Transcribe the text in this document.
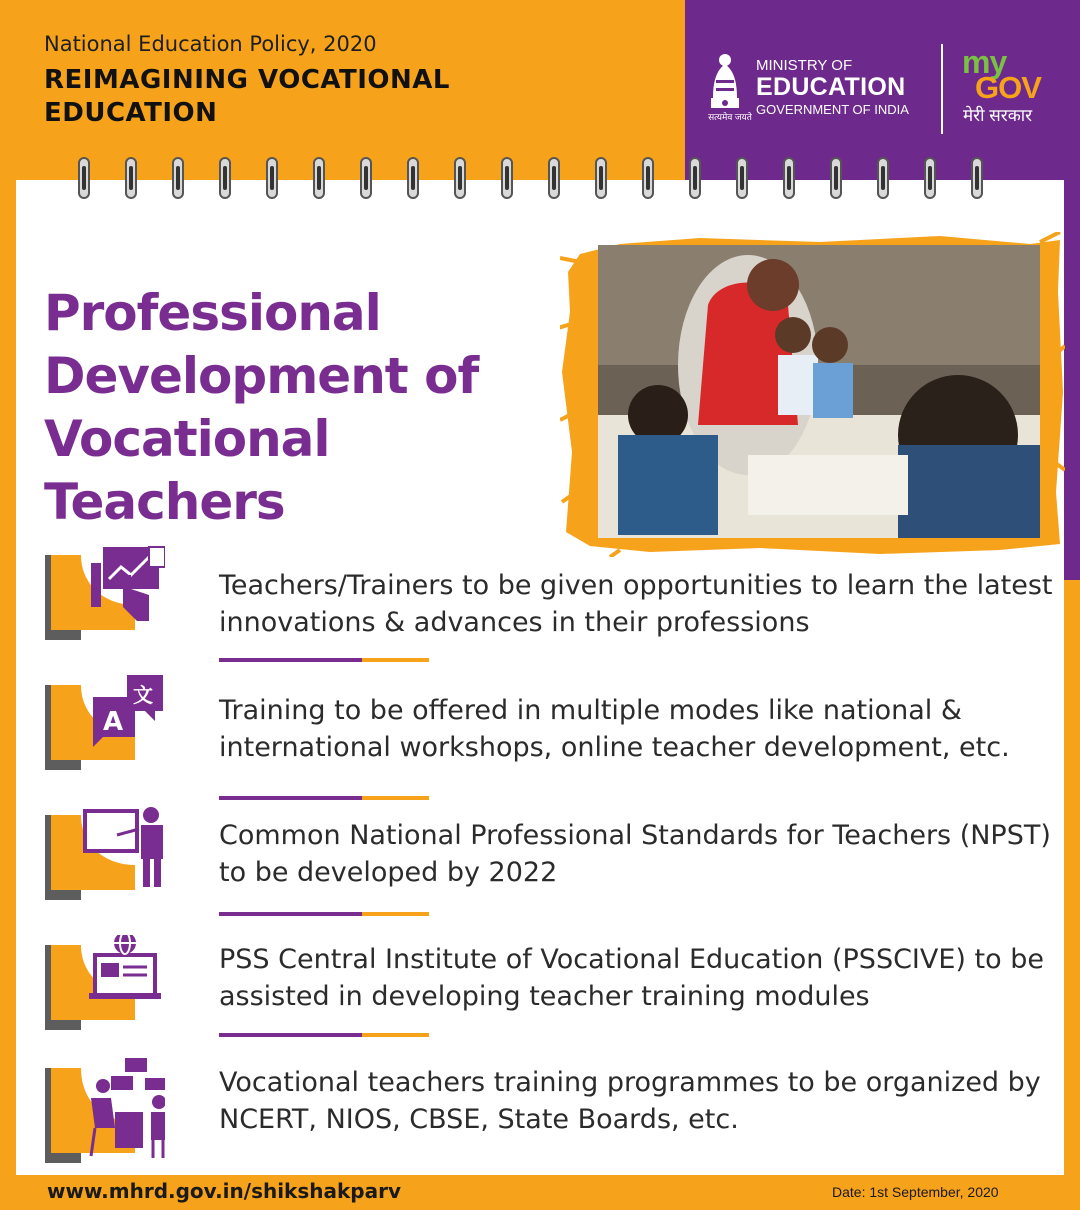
National Education Policy, 2020
REIMAGINING VOCATIONAL EDUCATION	सत्यमेव जयते
MINISTRY OF
EDUCATION
GOVERNMENT OF INDIA
my
GOV
मेरी सरकार
Professional Development of Vocational Teachers
Teachers/Trainers to be given opportunities to learn the latest innovations & advances in their professions
A
文 Training to be offered in multiple modes like national & international workshops, online teacher development, etc.
Common National Professional Standards for Teachers (NPST) to be developed by 2022
PSS Central Institute of Vocational Education (PSSCIVE) to be assisted in developing teacher training modules
Vocational teachers training programmes to be organized by NCERT, NIOS, CBSE, State Boards, etc.
www.mhrd.gov.in/shikshakparv	Date: 1st September, 2020
